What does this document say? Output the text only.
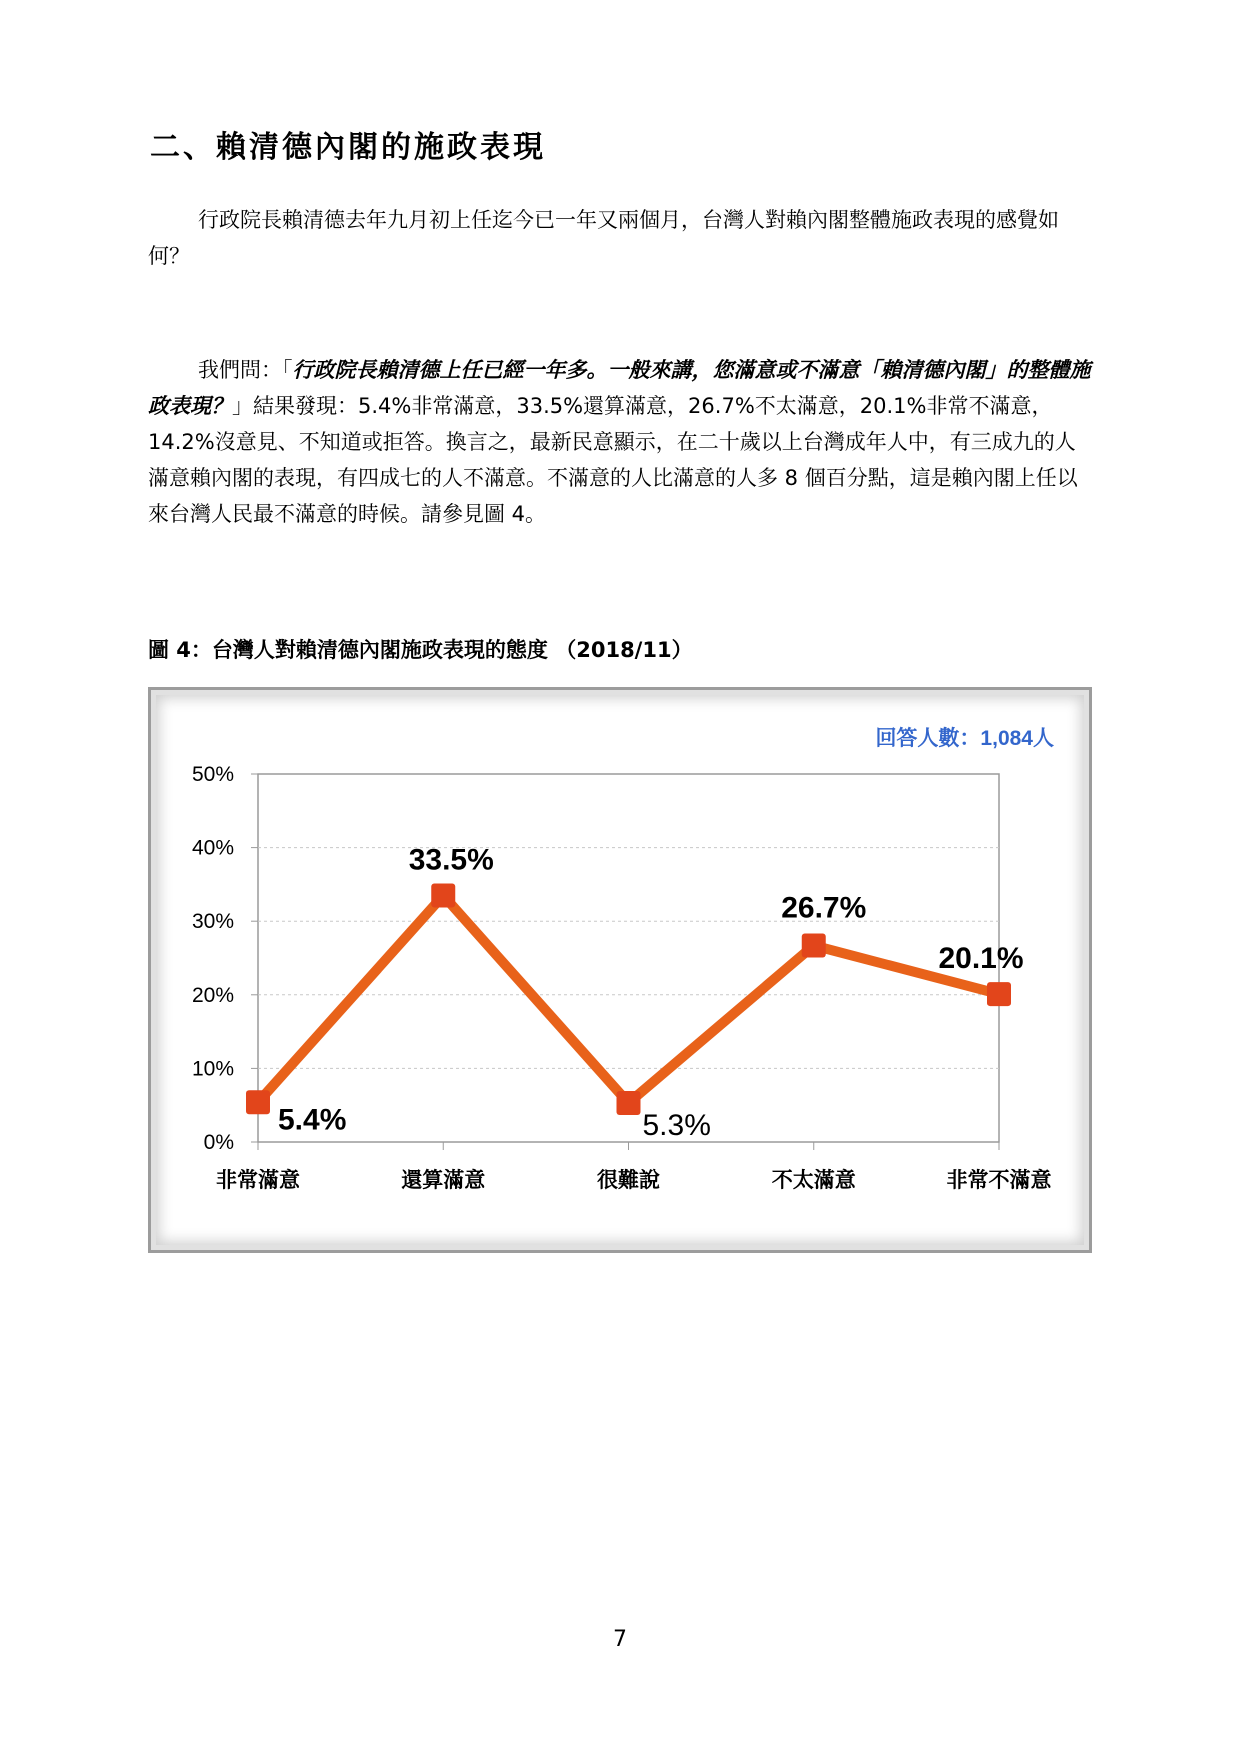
二、賴清德內閣的施政表現
行政院長賴清德去年九月初上任迄今已一年又兩個月，台灣人對賴內閣整體施政表現的感覺如何？
我們問：「行政院長賴清德上任已經一年多。一般來講，您滿意或不滿意「賴清德內閣」的整體施政表現？」結果發現：5.4%非常滿意，33.5%還算滿意，26.7%不太滿意，20.1%非常不滿意，14.2%沒意見、不知道或拒答。換言之，最新民意顯示，在二十歲以上台灣成年人中，有三成九的人滿意賴內閣的表現，有四成七的人不滿意。不滿意的人比滿意的人多 8 個百分點，這是賴內閣上任以來台灣人民最不滿意的時候。請參見圖 4。
圖 4：台灣人對賴清德內閣施政表現的態度 （2018/11）
0%
10%
20%
30%
40%
50%
非常滿意	還算滿意	很難說	不太滿意	非常不滿意
5.4%
33.5%
5.3%
26.7%
20.1%
回答人數：1,084人
7
